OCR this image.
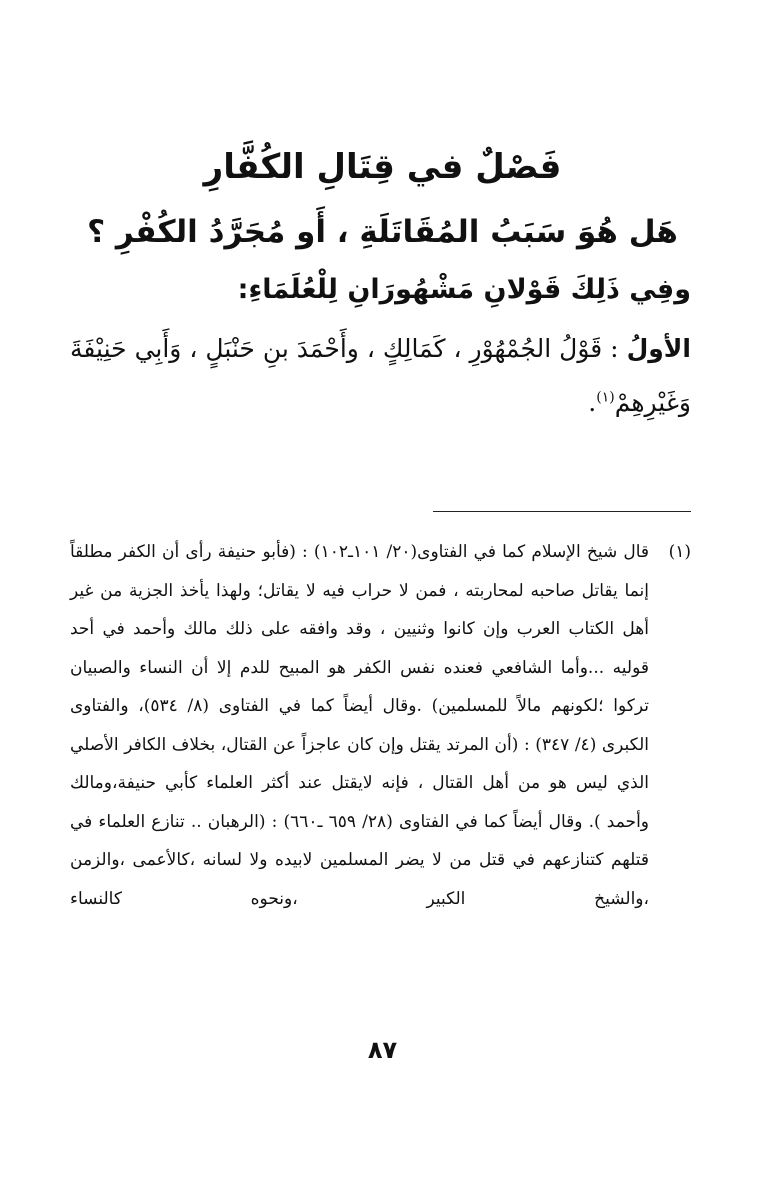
فَصْلٌ في قِتَالِ الكُفَّارِ
هَل هُوَ سَبَبُ المُقَاتَلَةِ ، أَو مُجَرَّدُ الكُفْرِ ؟
وفِي ذَلِكَ قَوْلانِ مَشْهُورَانِ لِلْعُلَمَاءِ:
الأولُ : قَوْلُ الجُمْهُوْرِ ، كَمَالِكٍ ، وأَحْمَدَ بنِ حَنْبَلٍ ، وَأَبِي حَنِيْفَةَ وَغَيْرِهِمْ$^{(١)}$.
(١)
قال شيخ الإسلام كما في الفتاوى(٢٠/ ١٠١ـ١٠٢) : (فأبو حنيفة رأى أن الكفر مطلقاً إنما يقاتل صاحبه لمحاربته ، فمن لا حراب فيه لا يقاتل؛ ولهذا يأخذ الجزية من غير أهل الكتاب العرب وإن كانوا وثنيين ، وقد وافقه على ذلك مالك وأحمد في أحد قوليه ...وأما الشافعي فعنده نفس الكفر هو المبيح للدم إلا أن النساء والصبيان تركوا ؛لكونهم مالاً للمسلمين) .وقال أيضاً كما في الفتاوى (٨/ ٥٣٤)، والفتاوى الكبرى (٤/ ٣٤٧) : (أن المرتد يقتل وإن كان عاجزاً عن القتال، بخلاف الكافر الأصلي الذي ليس هو من أهل القتال ، فإنه لايقتل عند أكثر العلماء كأبي حنيفة،ومالك وأحمد ). وقال أيضاً كما في الفتاوى (٢٨/ ٦٥٩ ـ٦٦٠) : (الرهبان .. تنازع العلماء في قتلهم كتنازعهم في قتل من لا يضر المسلمين لابيده ولا لسانه ،كالأعمى ،والزمن ،والشيخ الكبير ،ونحوه كالنساء
٨٧
